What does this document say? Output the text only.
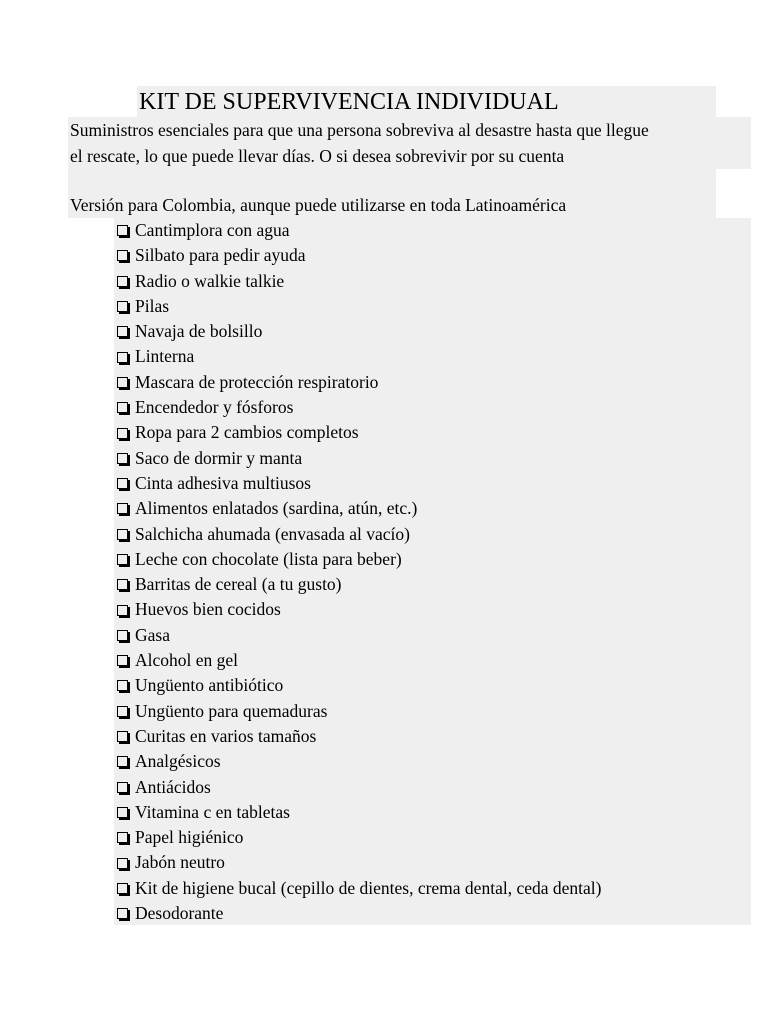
KIT DE SUPERVIVENCIA INDIVIDUAL
Suministros esenciales para que una persona sobreviva al desastre hasta que llegue
el rescate, lo que puede llevar días. O si desea sobrevivir por su cuenta
Versión para Colombia, aunque puede utilizarse en toda Latinoamérica
Cantimplora con agua
Silbato para pedir ayuda
Radio o walkie talkie
Pilas
Navaja de bolsillo
Linterna
Mascara de protección respiratorio
Encendedor y fósforos
Ropa para 2 cambios completos
Saco de dormir y manta
Cinta adhesiva multiusos
Alimentos enlatados (sardina, atún, etc.)
Salchicha ahumada (envasada al vacío)
Leche con chocolate (lista para beber)
Barritas de cereal (a tu gusto)
Huevos bien cocidos
Gasa
Alcohol en gel
Ungüento antibiótico
Ungüento para quemaduras
Curitas en varios tamaños
Analgésicos
Antiácidos
Vitamina c en tabletas
Papel higiénico
Jabón neutro
Kit de higiene bucal (cepillo de dientes, crema dental, ceda dental)
Desodorante
